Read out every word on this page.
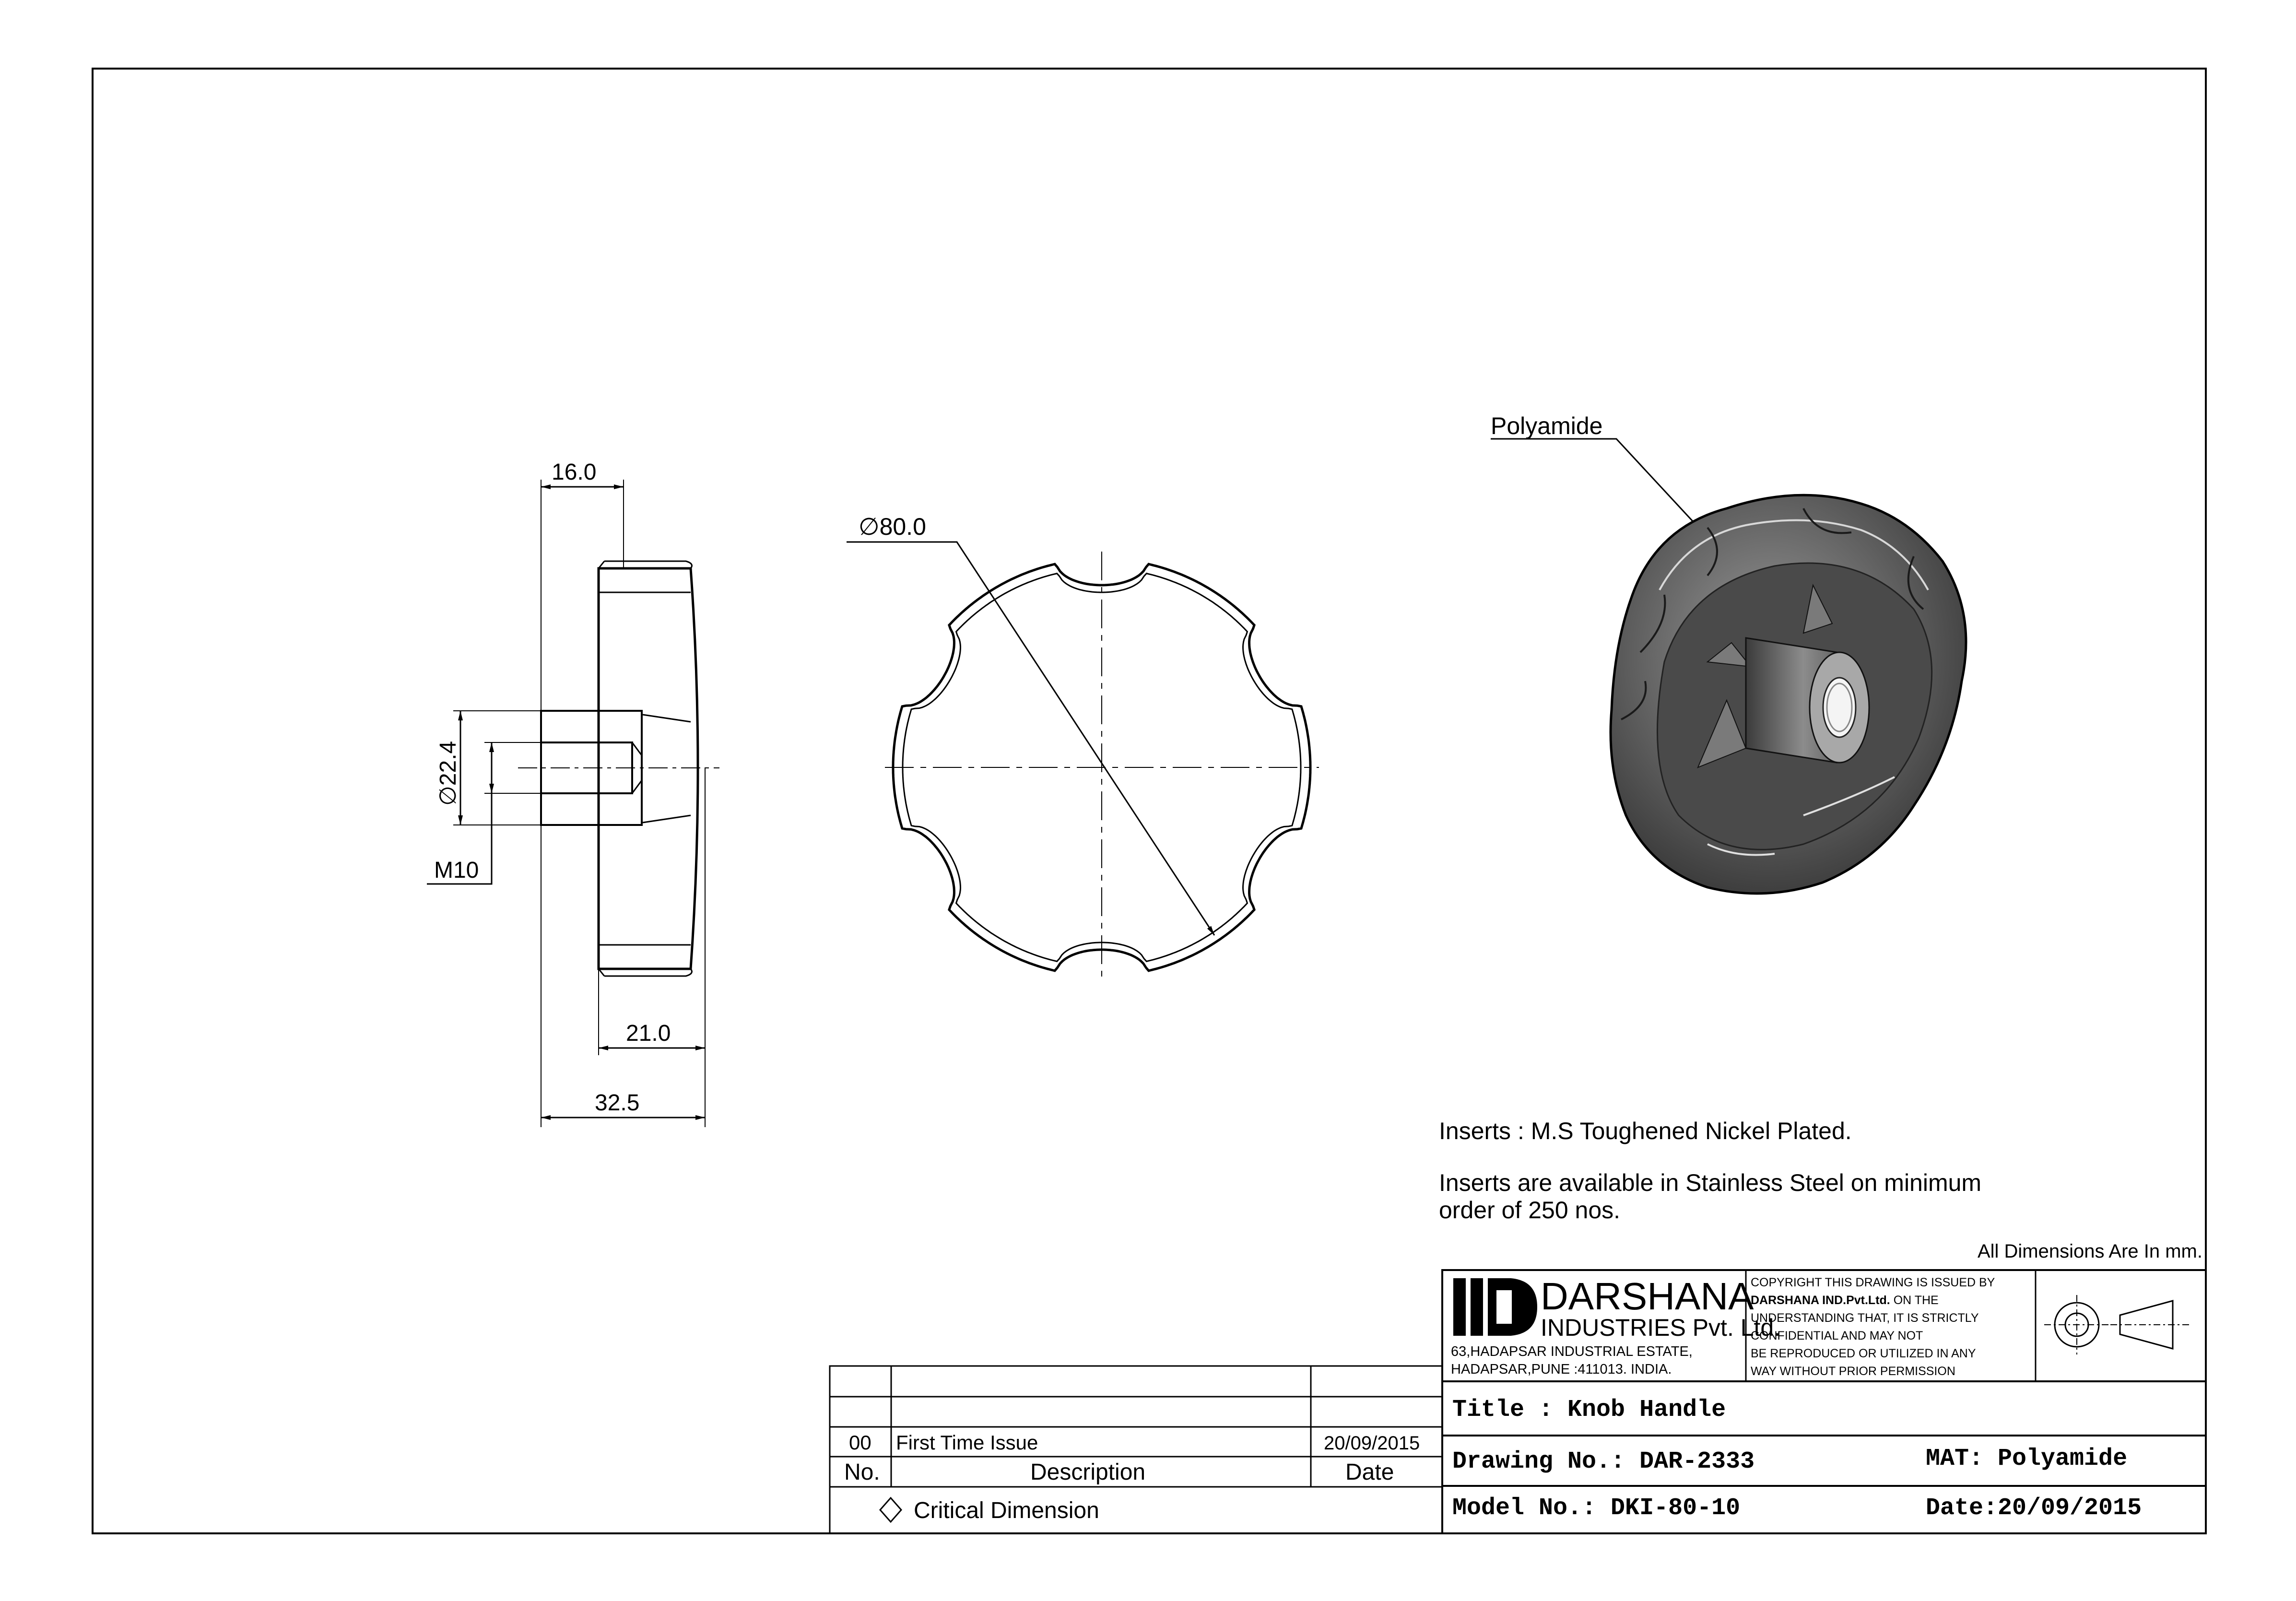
16.0
∅22.4
M10
21.0
32.5
∅80.0
Polyamide
Inserts : M.S Toughened Nickel Plated.
Inserts are available in Stainless Steel on minimum
order of 250 nos.
All Dimensions Are In mm.
DARSHANA
INDUSTRIES Pvt. Ltd.
63,HADAPSAR INDUSTRIAL ESTATE,
HADAPSAR,PUNE :411013. INDIA.
COPYRIGHT THIS DRAWING IS ISSUED BY
DARSHANA IND.Pvt.Ltd. ON THE
UNDERSTANDING THAT, IT IS STRICTLY
CONFIDENTIAL AND MAY NOT
BE REPRODUCED OR UTILIZED IN ANY
WAY WITHOUT PRIOR PERMISSION
Title : Knob Handle
Drawing No.: DAR-2333	MAT: Polyamide
Model No.: DKI-80-10	Date:20/09/2015
00 First Time Issue	20/09/2015
No.	Description	Date
Critical Dimension
